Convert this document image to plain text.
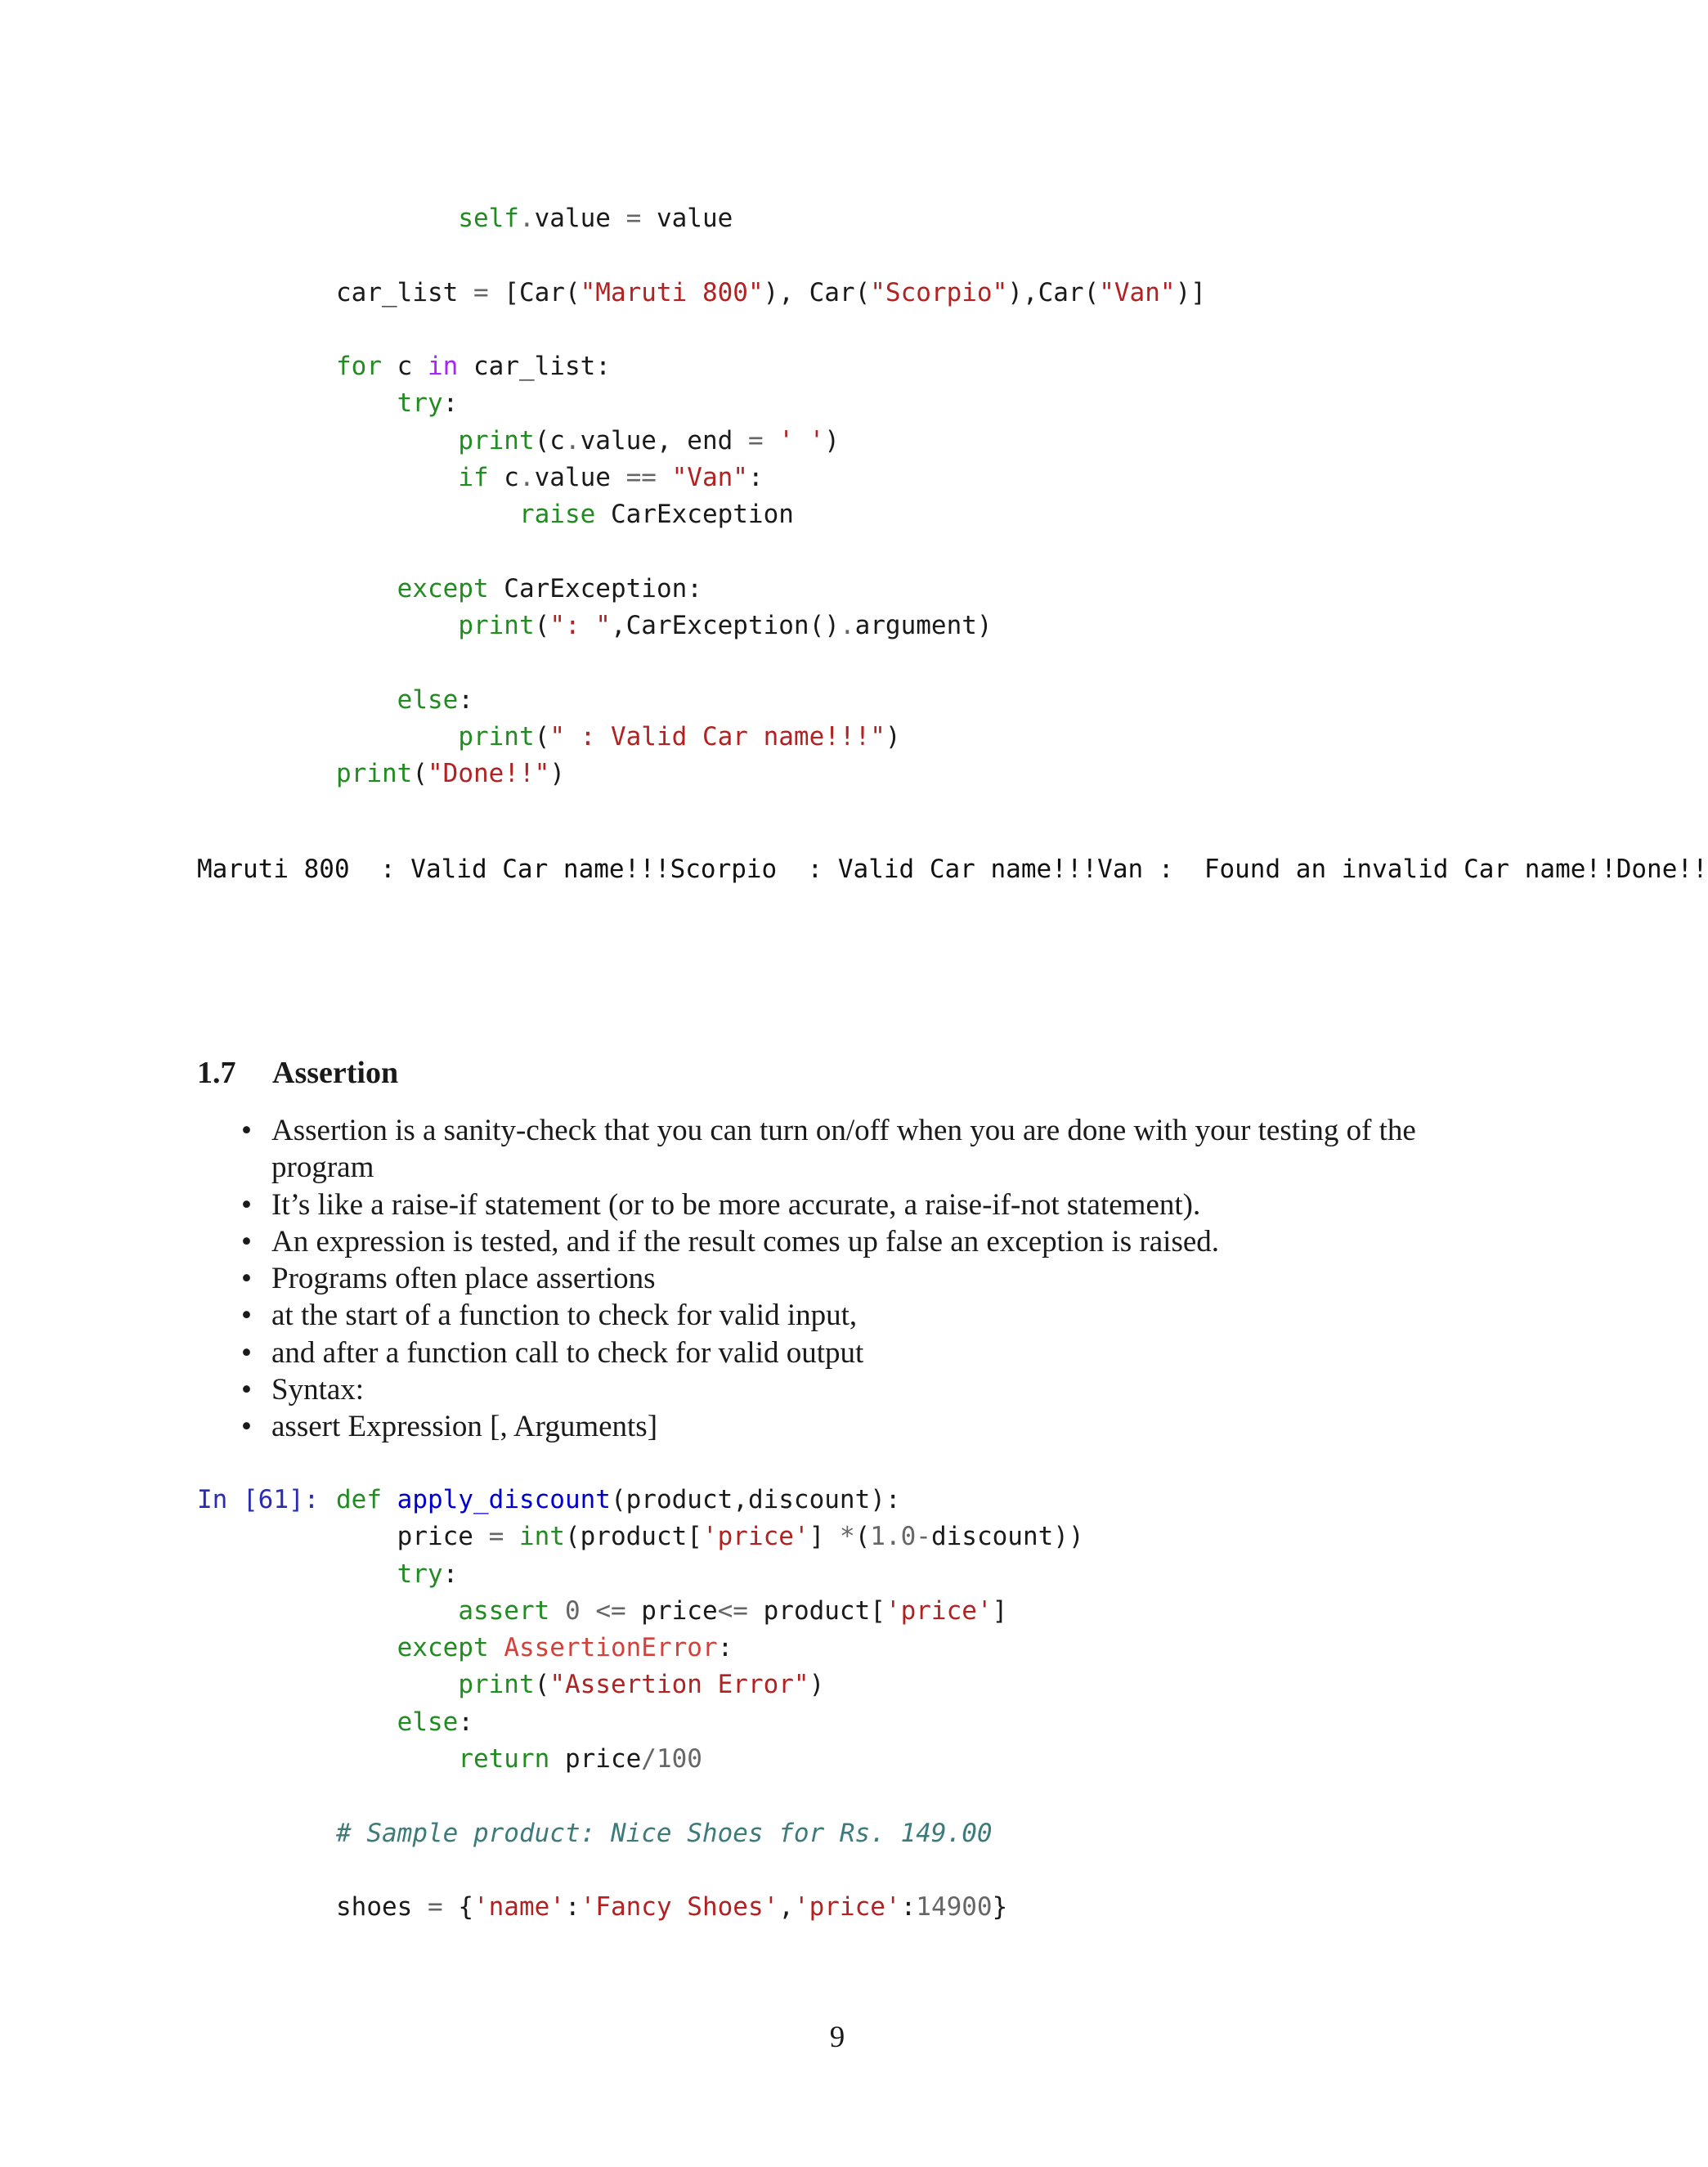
self.value = value

car_list = [Car("Maruti 800"), Car("Scorpio"),Car("Van")]

for c in car_list:
try:
print(c.value, end = ' ')
if c.value == "Van":
raise CarException

except CarException:
print(": ",CarException().argument)

else:
print(" : Valid Car name!!!")
print("Done!!")
Maruti 800  : Valid Car name!!!Scorpio  : Valid Car name!!!Van :  Found an invalid Car name!!Done!!
1.7 Assertion
• Assertion is a sanity-check that you can turn on/off when you are done with your testing of the program
• It’s like a raise-if statement (or to be more accurate, a raise-if-not statement).
• An expression is tested, and if the result comes up false an exception is raised.
• Programs often place assertions
• at the start of a function to check for valid input,
• and after a function call to check for valid output
• Syntax:
• assert Expression [, Arguments]
In [61]: def apply_discount(product,discount):
price = int(product['price'] *(1.0-discount))
try:
assert 0 <= price<= product['price']
except AssertionError:
print("Assertion Error")
else:
return price/100

# Sample product: Nice Shoes for Rs. 149.00

shoes = {'name':'Fancy Shoes','price':14900}
9
